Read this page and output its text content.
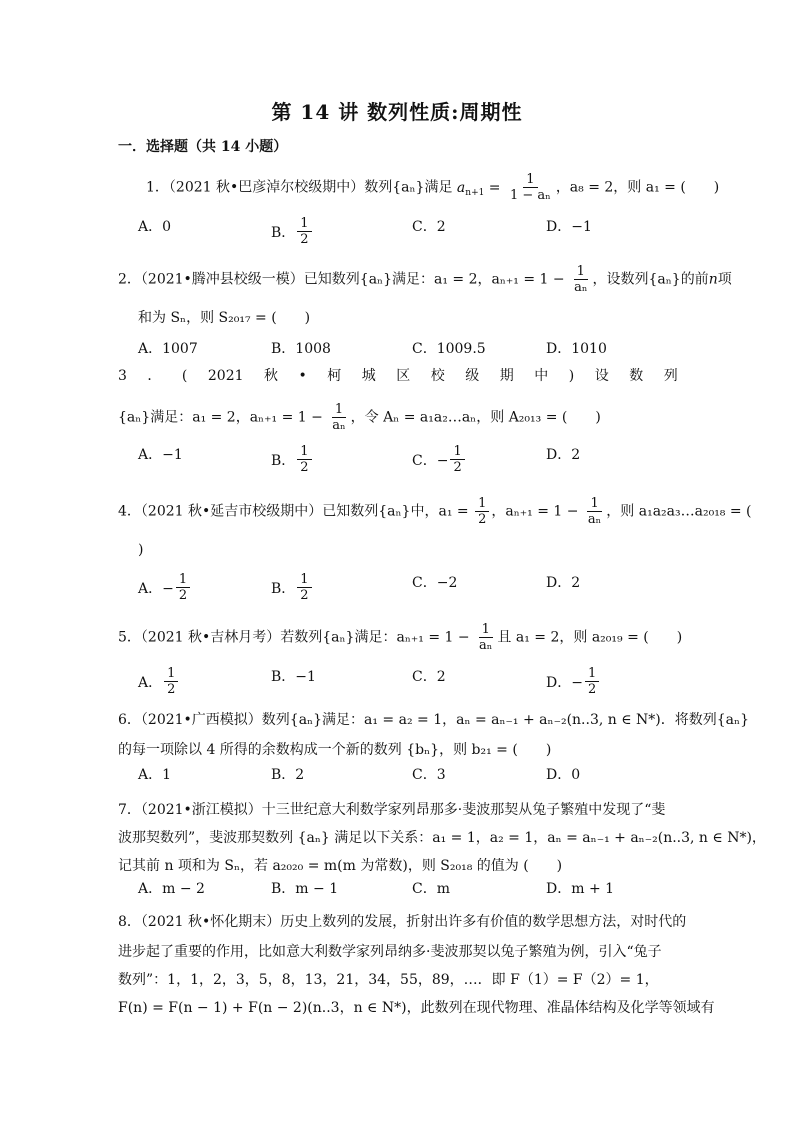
第 14 讲 数列性质:周期性
一．选择题（共 14 小题）
1．（2021 秋•巴彦淖尔校级期中）数列{aₙ}满足 $a_{n+1} = \frac{1}{\text{1 − aₙ}}$ ，a₈ = 2，则 a₁ = (　　)
A．0	B． $\frac{1}{2}$	C．2	D．−1
2．（2021•腾冲县校级一模）已知数列{aₙ}满足：a₁ = 2，$a_{n+1} = 1 - \frac{1}{\text{aₙ}}$ ，设数列{aₙ}的前n项
和为 Sₙ，则 S₂₀₁₇ = (　　)
A．1007	B．1008	C．1009.5	D．1010
3 ． ( 2021 秋 • 柯 城 区 校 级 期 中 ) 设 数 列
{aₙ}满足：a₁ = 2，$a_{n+1} = 1 - \frac{1}{\text{aₙ}}$ ，令 Aₙ = a₁a₂…aₙ，则 A₂₀₁₃ = (　　)
A．−1	B． $\frac{1}{2}$	C．− $\frac{1}{2}$	D．2
4．（2021 秋•延吉市校级期中）已知数列{aₙ}中，$a_1 = \frac{1}{2}$ ，$a_{n+1} = 1 - \frac{1}{\text{aₙ}}$ ，则 a₁a₂a₃…a₂₀₁₈ = (
)
A．− $\frac{1}{2}$	B． $\frac{1}{2}$	C．−2	D．2
5．（2021 秋•吉林月考）若数列{aₙ}满足：$a_{n+1} = 1 - \frac{1}{\text{aₙ}}$ 且 a₁ = 2，则 a₂₀₁₉ = (　　)
A． $\frac{1}{2}$	B．−1	C．2	D．− $\frac{1}{2}$
6．（2021•广西模拟）数列{aₙ}满足：a₁ = a₂ = 1，aₙ = aₙ₋₁ + aₙ₋₂(n..3, n ∈ N*)．将数列{aₙ}
的每一项除以 4 所得的余数构成一个新的数列 {bₙ}，则 b₂₁ = (　　)
A．1	B．2	C．3	D．0
7．（2021•浙江模拟）十三世纪意大利数学家列昂那多·斐波那契从兔子繁殖中发现了“斐
波那契数列”，斐波那契数列 {aₙ} 满足以下关系：a₁ = 1，a₂ = 1，aₙ = aₙ₋₁ + aₙ₋₂(n..3, n ∈ N*)，
记其前 n 项和为 Sₙ，若 a₂₀₂₀ = m(m 为常数)，则 S₂₀₁₈ 的值为 (　　)
A．m − 2	B．m − 1	C．m	D．m + 1
8．（2021 秋•怀化期末）历史上数列的发展，折射出许多有价值的数学思想方法，对时代的
进步起了重要的作用，比如意大利数学家列昂纳多·斐波那契以兔子繁殖为例，引入“兔子
数列”：1，1，2，3，5，8，13，21，34，55，89，…．即 F（1）= F（2）= 1，
F(n) = F(n − 1) + F(n − 2)(n..3，n ∈ N*)，此数列在现代物理、准晶体结构及化学等领域有
